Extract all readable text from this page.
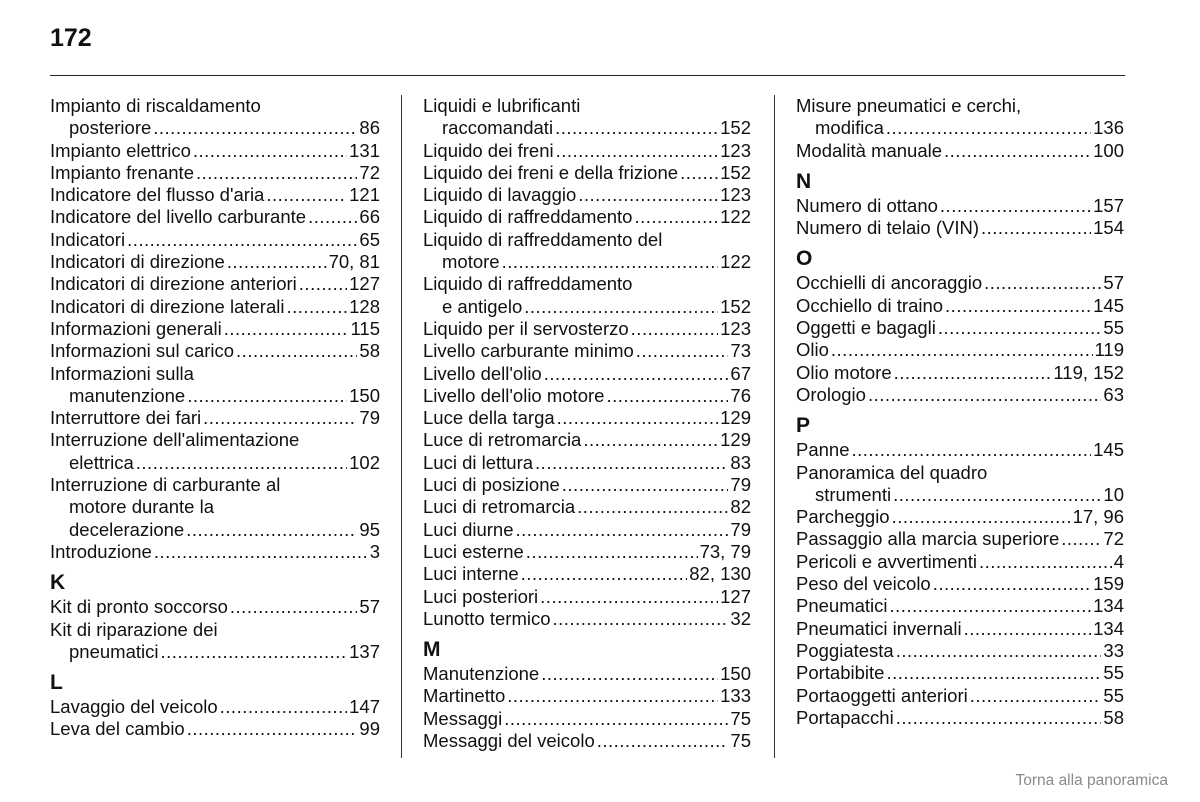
172
Impianto di riscaldamento
posteriore .....	86
Impianto elettrico .....	131
Impianto frenante .....	72
Indicatore del flusso d'aria .....	121
Indicatore del livello carburante .....	66
Indicatori .....	65
Indicatori di direzione .....	70, 81
Indicatori di direzione anteriori .....	127
Indicatori di direzione laterali .....	128
Informazioni generali .....	115
Informazioni sul carico .....	58
Informazioni sulla
manutenzione .....	150
Interruttore dei fari .....	79
Interruzione dell'alimentazione
elettrica .....	102
Interruzione di carburante al
motore durante la
decelerazione .....	95
Introduzione .....	3
K
Kit di pronto soccorso .....	57
Kit di riparazione dei
pneumatici .....	137
L
Lavaggio del veicolo .....	147
Leva del cambio .....	99
Liquidi e lubrificanti
raccomandati .....	152
Liquido dei freni .....	123
Liquido dei freni e della frizione ..... 152
Liquido di lavaggio .....	123
Liquido di raffreddamento .....	122
Liquido di raffreddamento del
motore .....	122
Liquido di raffreddamento
e antigelo .....	152
Liquido per il servosterzo .....	123
Livello carburante minimo .....	73
Livello dell'olio .....	67
Livello dell'olio motore .....	76
Luce della targa .....	129
Luce di retromarcia .....	129
Luci di lettura .....	83
Luci di posizione .....	79
Luci di retromarcia .....	82
Luci diurne .....	79
Luci esterne .....	73, 79
Luci interne .....	82, 130
Luci posteriori .....	127
Lunotto termico .....	32
M
Manutenzione .....	150
Martinetto .....	133
Messaggi .....	75
Messaggi del veicolo .....	75
Misure pneumatici e cerchi,
modifica .....	136
Modalità manuale .....	100
N
Numero di ottano .....	157
Numero di telaio (VIN) .....	154
O
Occhielli di ancoraggio .....	57
Occhiello di traino .....	145
Oggetti e bagagli .....	55
Olio .....	119
Olio motore .....	119, 152
Orologio .....	63
P
Panne .....	145
Panoramica del quadro
strumenti .....	10
Parcheggio .....	17, 96
Passaggio alla marcia superiore ..... 72
Pericoli e avvertimenti .....	4
Peso del veicolo .....	159
Pneumatici .....	134
Pneumatici invernali .....	134
Poggiatesta .....	33
Portabibite .....	55
Portaoggetti anteriori .....	55
Portapacchi .....	58
Torna alla panoramica
